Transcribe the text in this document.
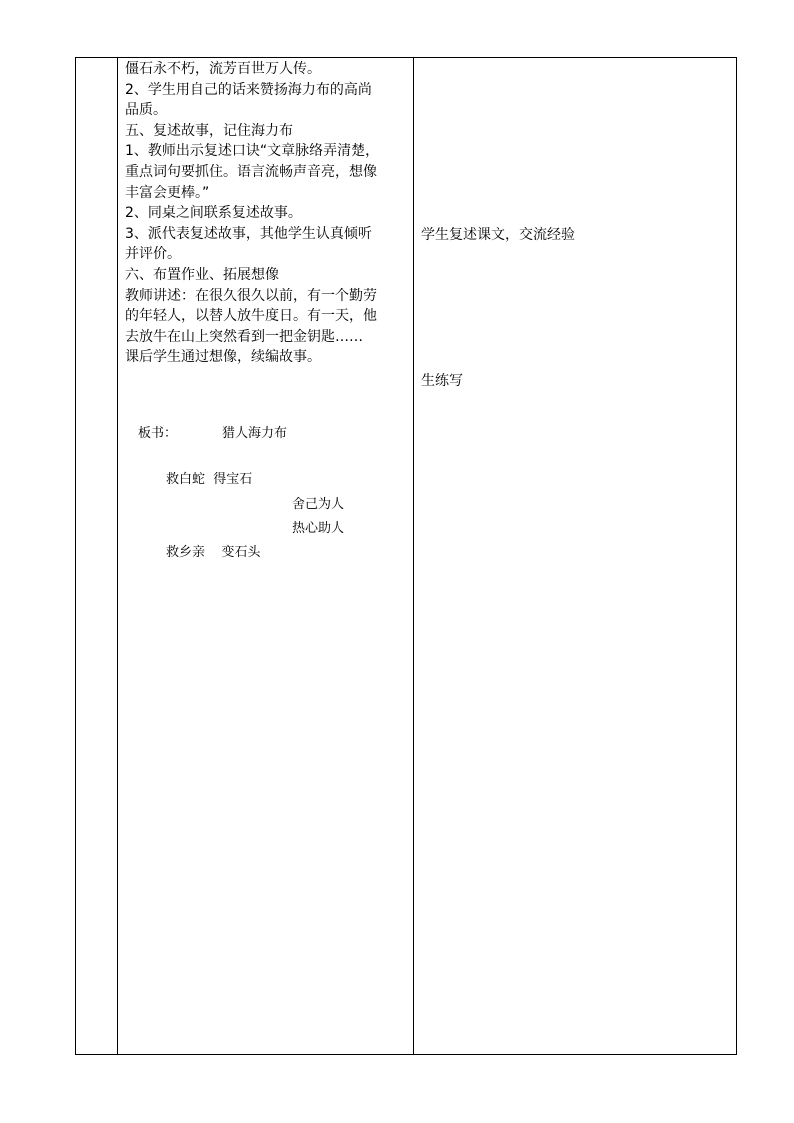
僵石永不朽，流芳百世万人传。
2、学生用自己的话来赞扬海力布的高尚
品质。
五、复述故事，记住海力布
1、教师出示复述口诀“文章脉络弄清楚，
重点词句要抓住。语言流畅声音亮，想像
丰富会更棒。”
2、同桌之间联系复述故事。
3、派代表复述故事，其他学生认真倾听
并评价。
六、布置作业、拓展想像
教师讲述：在很久很久以前，有一个勤劳
的年轻人，以替人放牛度日。有一天，他
去放牛在山上突然看到一把金钥匙……
课后学生通过想像，续编故事。
板书：	猎人海力布
救白蛇  得宝石
舍己为人
热心助人
救乡亲    变石头
学生复述课文，交流经验
生练写
